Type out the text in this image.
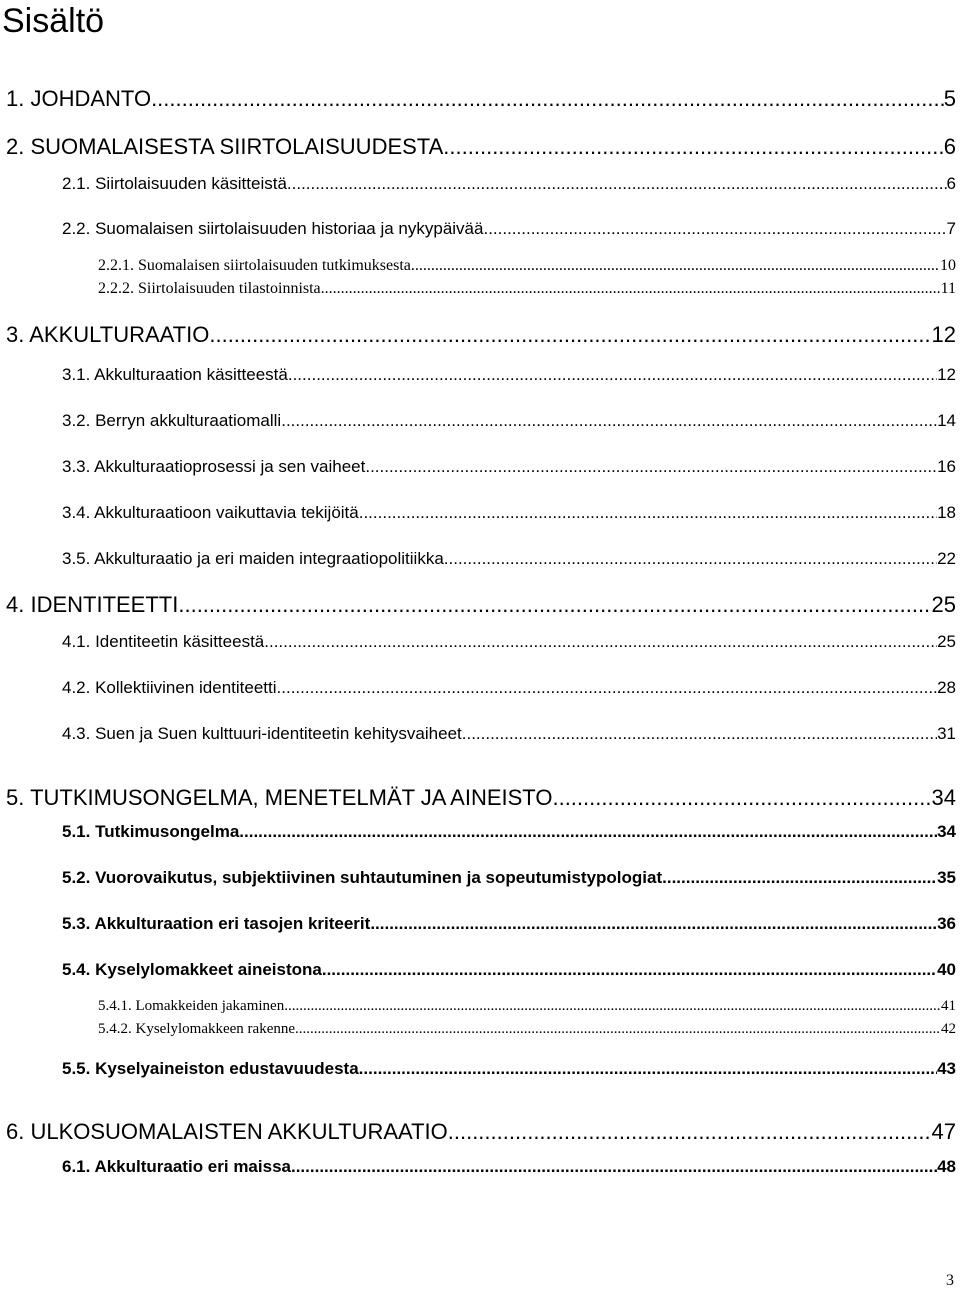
Sisältö
1. JOHDANTO .....	5
2. SUOMALAISESTA SIIRTOLAISUUDESTA .....	6
2.1. Siirtolaisuuden käsitteistä .....	6
2.2. Suomalaisen siirtolaisuuden historiaa ja nykypäivää .....	7
2.2.1. Suomalaisen siirtolaisuuden tutkimuksesta .....	10
2.2.2. Siirtolaisuuden tilastoinnista .....	11
3. AKKULTURAATIO .....	12
3.1. Akkulturaation käsitteestä .....	12
3.2. Berryn akkulturaatiomalli .....	14
3.3. Akkulturaatioprosessi ja sen vaiheet .....	16
3.4. Akkulturaatioon vaikuttavia tekijöitä .....	18
3.5. Akkulturaatio ja eri maiden integraatiopolitiikka .....	22
4. IDENTITEETTI .....	25
4.1. Identiteetin käsitteestä .....	25
4.2. Kollektiivinen identiteetti .....	28
4.3. Suen ja Suen kulttuuri-identiteetin kehitysvaiheet .....	31
5. TUTKIMUSONGELMA, MENETELMÄT JA AINEISTO .....	34
5.1. Tutkimusongelma .....	34
5.2. Vuorovaikutus, subjektiivinen suhtautuminen ja sopeutumistypologiat .....	35
5.3. Akkulturaation eri tasojen kriteerit .....	36
5.4. Kyselylomakkeet aineistona .....	40
5.4.1. Lomakkeiden jakaminen .....	41
5.4.2. Kyselylomakkeen rakenne .....	42
5.5. Kyselyaineiston edustavuudesta .....	43
6. ULKOSUOMALAISTEN AKKULTURAATIO .....	47
6.1. Akkulturaatio eri maissa .....	48
3
